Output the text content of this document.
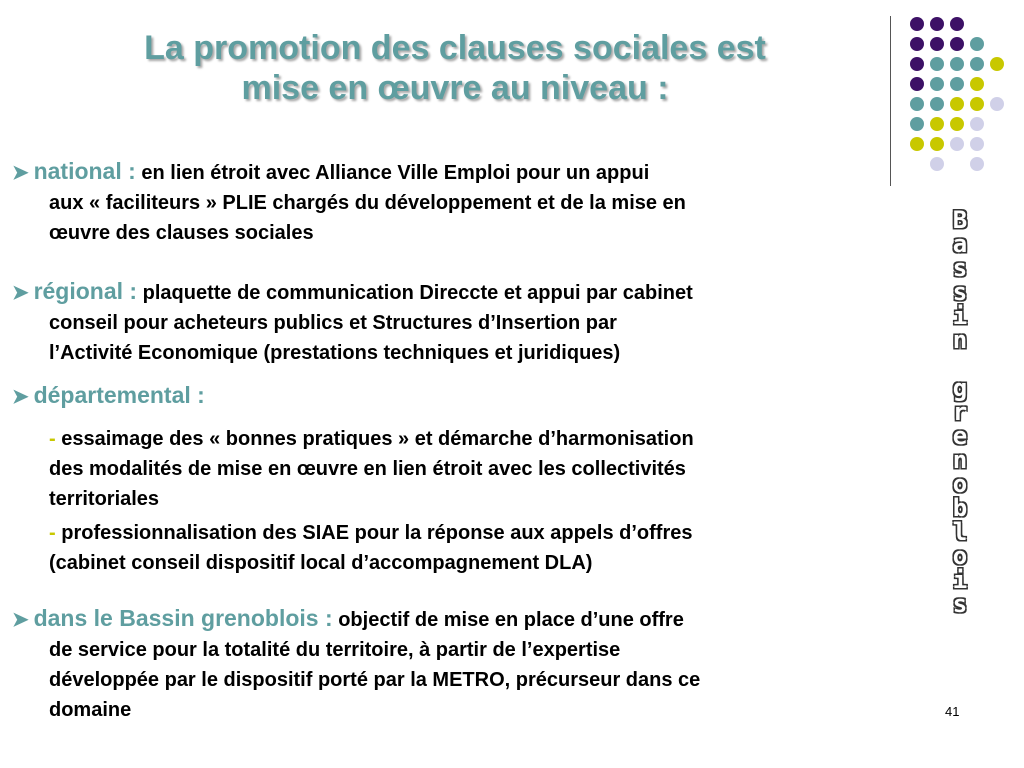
La promotion des clauses sociales est
mise en œuvre au niveau :
B
a
s
s
i
n
g
r
e
n
o
b
l
o
i
s
➤ national : en lien étroit avec Alliance Ville Emploi pour un appui
aux « faciliteurs » PLIE chargés du développement et de la mise en
œuvre des clauses sociales
➤ régional : plaquette de communication Direccte et appui par cabinet
conseil pour acheteurs publics et Structures d’Insertion par
l’Activité Economique (prestations techniques et juridiques)
➤ départemental :
- essaimage des « bonnes pratiques » et démarche d’harmonisation
des modalités de mise en œuvre en lien étroit avec les collectivités
territoriales
- professionnalisation des SIAE pour la réponse aux appels d’offres
(cabinet conseil dispositif local d’accompagnement DLA)
➤ dans le Bassin grenoblois : objectif de mise en place d’une offre
de service pour la totalité du territoire, à partir de l’expertise
développée par le dispositif porté par la METRO, précurseur dans ce
domaine	41
